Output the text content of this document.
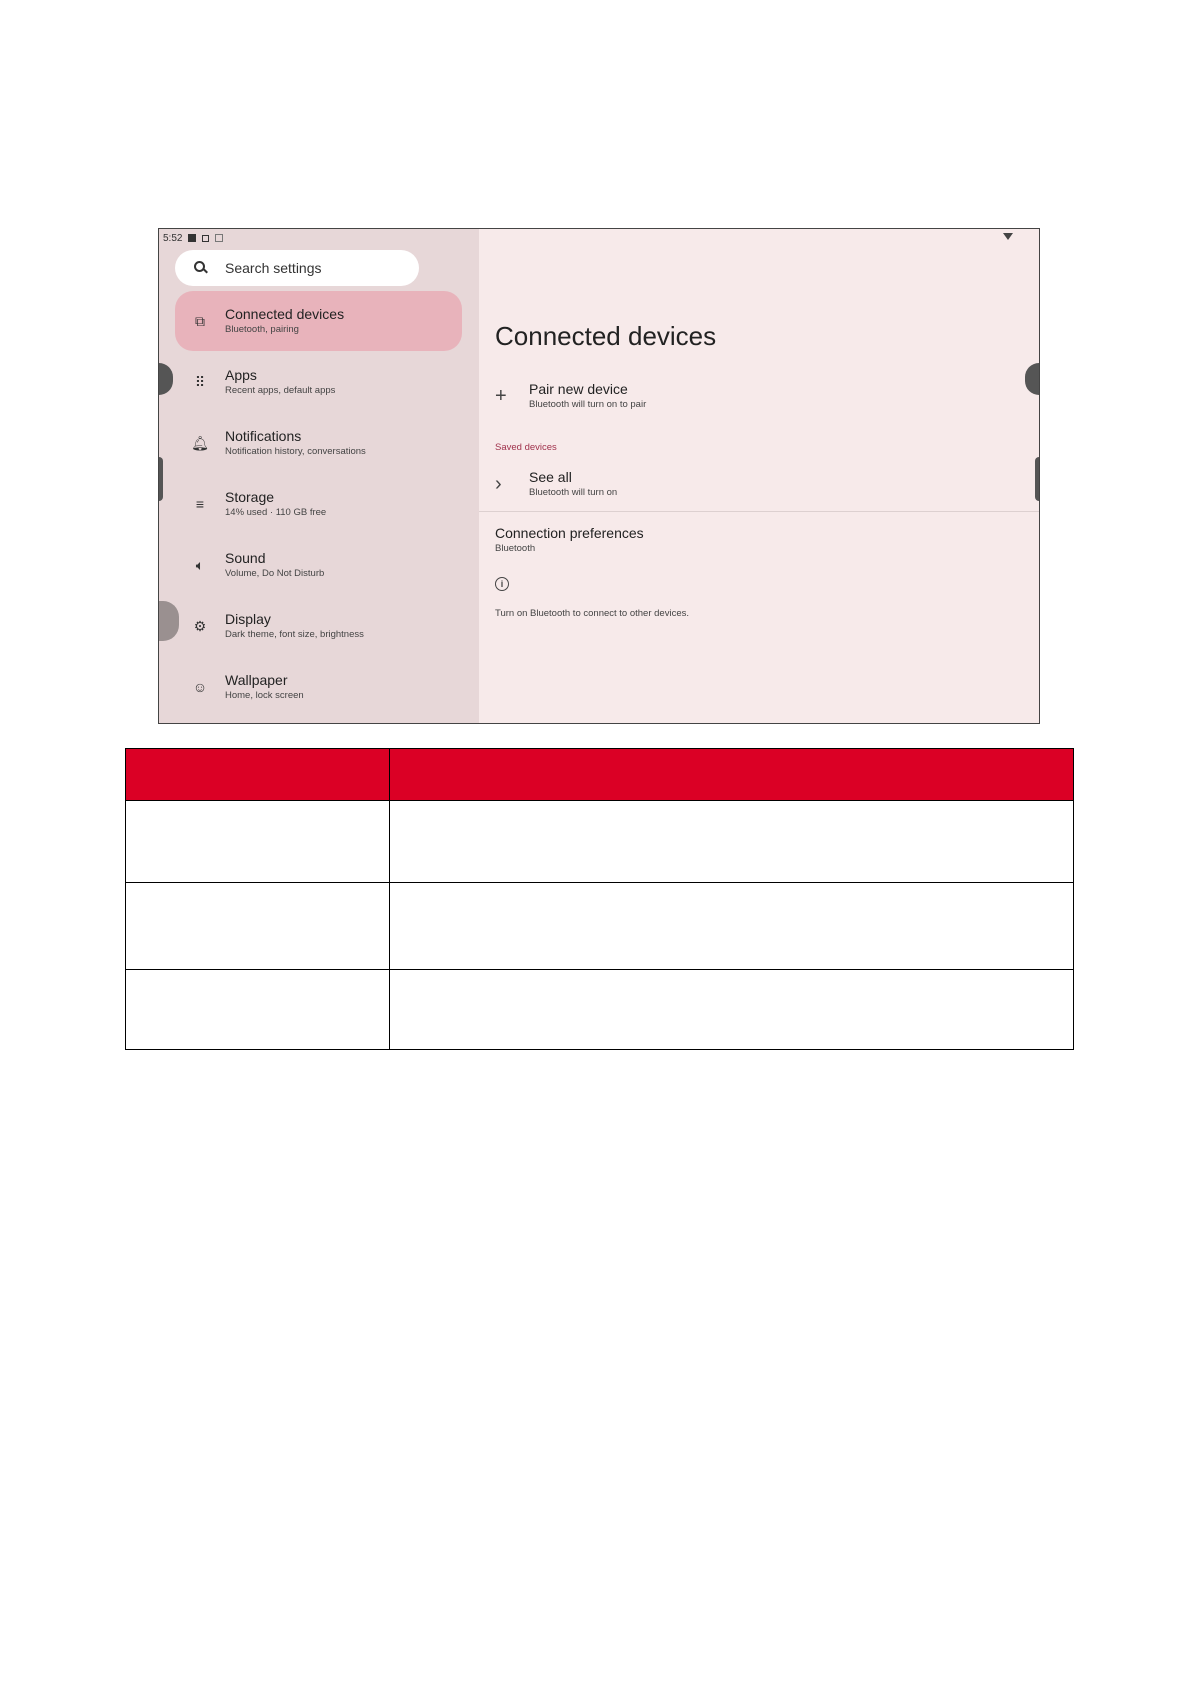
5:52
Search settings
⧉	Connected devices
Bluetooth, pairing
⠿	Apps
Recent apps, default apps
🔔︎	Notifications
Notification history, conversations
≡	Storage
14% used · 110 GB free
🔈︎	Sound
Volume, Do Not Disturb
⚙	Display
Dark theme, font size, brightness
☺	Wallpaper
Home, lock screen
Connected devices
+	Pair new device
Bluetooth will turn on to pair
Saved devices
›	See all
Bluetooth will turn on
Connection preferences
Bluetooth
i
Turn on Bluetooth to connect to other devices.
